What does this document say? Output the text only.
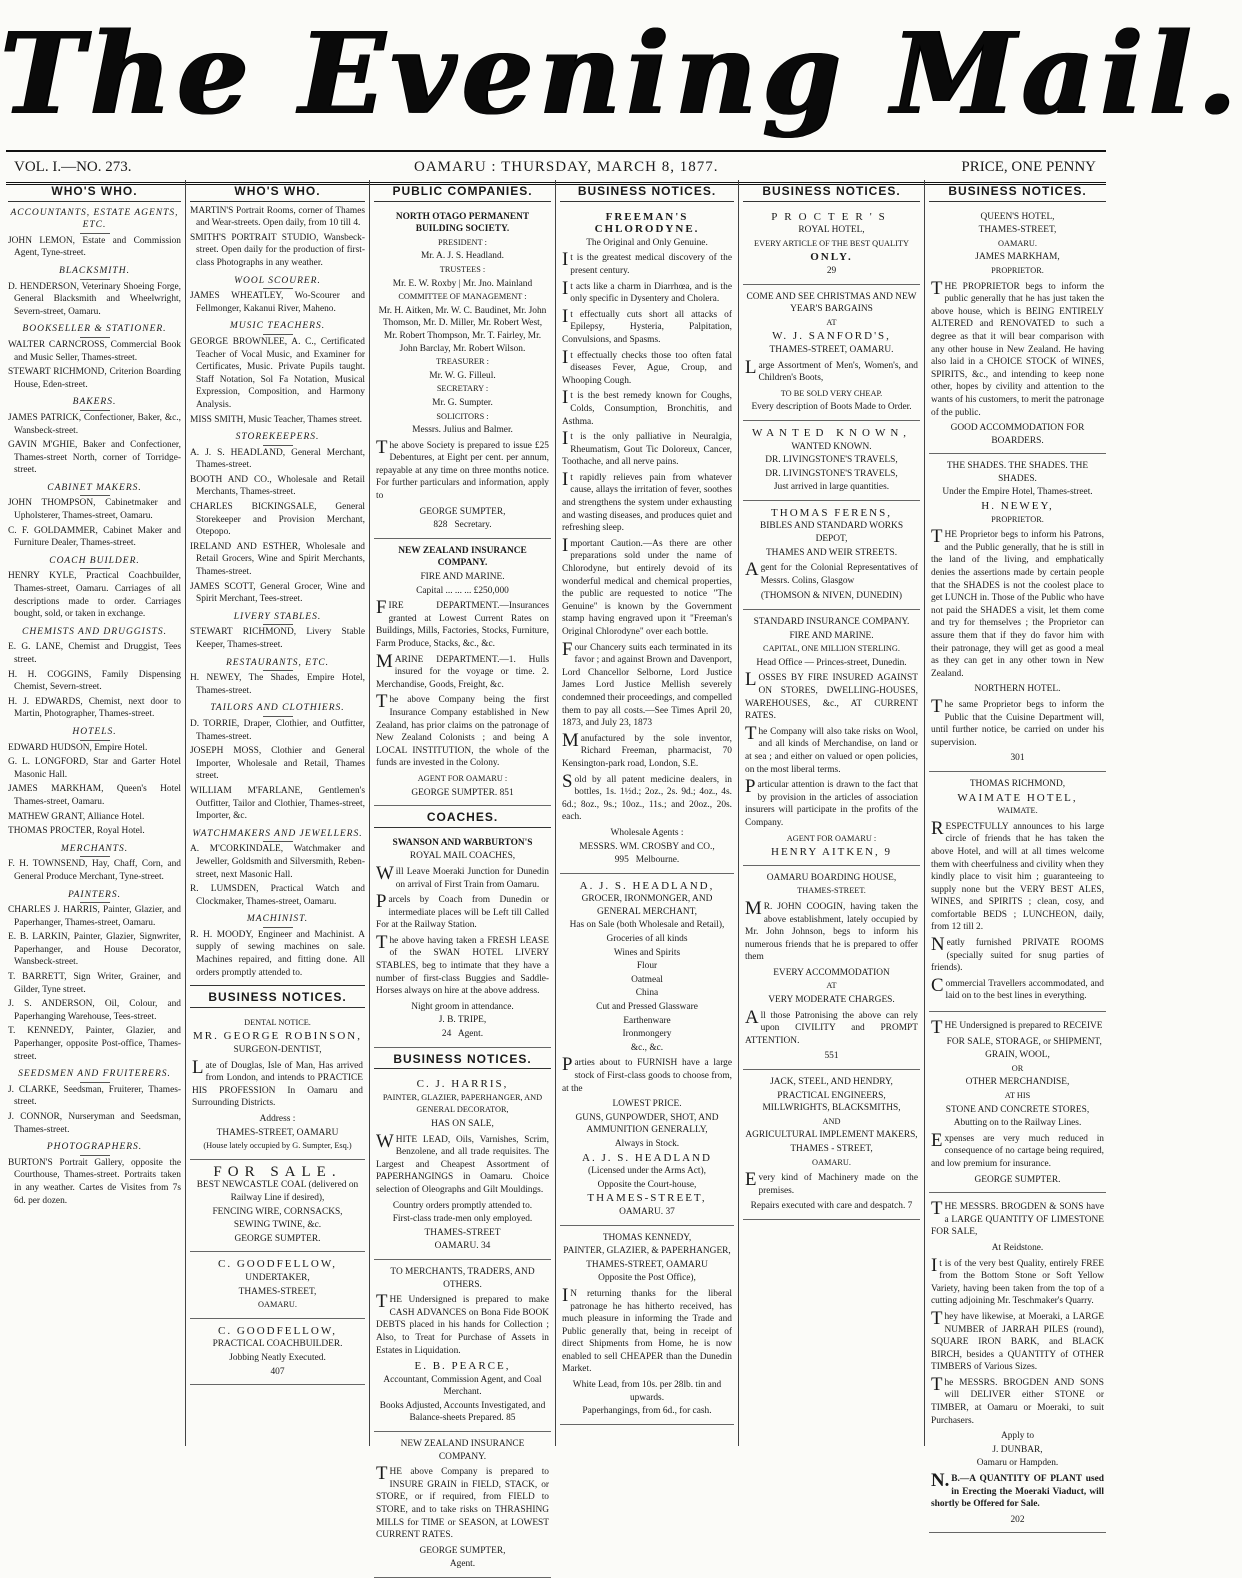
The Evening Mail.
VOL. I.—NO. 273.	OAMARU : THURSDAY, MARCH 8, 1877.	PRICE, ONE PENNY
WHO'S WHO.
ACCOUNTANTS, ESTATE AGENTS, ETC.
JOHN LEMON, Estate and Commission Agent, Tyne-street.
BLACKSMITH.
D. HENDERSON, Veterinary Shoeing Forge, General Blacksmith and Wheelwright, Severn-street, Oamaru.
BOOKSELLER & STATIONER.
WALTER CARNCROSS, Commercial Book and Music Seller, Thames-street.
STEWART RICHMOND, Criterion Boarding House, Eden-street.
BAKERS.
JAMES PATRICK, Confectioner, Baker, &c., Wansbeck-street.
GAVIN M'GHIE, Baker and Confectioner, Thames-street North, corner of Torridge-street.
CABINET MAKERS.
JOHN THOMPSON, Cabinetmaker and Upholsterer, Thames-street, Oamaru.
C. F. GOLDAMMER, Cabinet Maker and Furniture Dealer, Thames-street.
COACH BUILDER.
HENRY KYLE, Practical Coachbuilder, Thames-street, Oamaru. Carriages of all descriptions made to order. Carriages bought, sold, or taken in exchange.
CHEMISTS AND DRUGGISTS.
E. G. LANE, Chemist and Druggist, Tees street.
H. H. COGGINS, Family Dispensing Chemist, Severn-street.
H. J. EDWARDS, Chemist, next door to Martin, Photographer, Thames-street.
HOTELS.
EDWARD HUDSON, Empire Hotel.
G. L. LONGFORD, Star and Garter Hotel Masonic Hall.
JAMES MARKHAM, Queen's Hotel Thames-street, Oamaru.
MATHEW GRANT, Alliance Hotel.
THOMAS PROCTER, Royal Hotel.
MERCHANTS.
F. H. TOWNSEND, Hay, Chaff, Corn, and General Produce Merchant, Tyne-street.
PAINTERS.
CHARLES J. HARRIS, Painter, Glazier, and Paperhanger, Thames-street, Oamaru.
E. B. LARKIN, Painter, Glazier, Signwriter, Paperhanger, and House Decorator, Wansbeck-street.
T. BARRETT, Sign Writer, Grainer, and Gilder, Tyne street.
J. S. ANDERSON, Oil, Colour, and Paperhanging Warehouse, Tees-street.
T. KENNEDY, Painter, Glazier, and Paperhanger, opposite Post-office, Thames-street.
SEEDSMEN AND FRUITERERS.
J. CLARKE, Seedsman, Fruiterer, Thames-street.
J. CONNOR, Nurseryman and Seedsman, Thames-street.
PHOTOGRAPHERS.
BURTON'S Portrait Gallery, opposite the Courthouse, Thames-street. Portraits taken in any weather. Cartes de Visites from 7s 6d. per dozen.
WHO'S WHO.
MARTIN'S Portrait Rooms, corner of Thames and Wear-streets. Open daily, from 10 till 4.
SMITH'S PORTRAIT STUDIO, Wansbeck-street. Open daily for the production of first-class Photographs in any weather.
WOOL SCOURER.
JAMES WHEATLEY, Wo-Scourer and Fellmonger, Kakanui River, Maheno.
MUSIC TEACHERS.
GEORGE BROWNLEE, A. C., Certificated Teacher of Vocal Music, and Examiner for Certificates, Music. Private Pupils taught. Staff Notation, Sol Fa Notation, Musical Expression, Composition, and Harmony Analysis.
MISS SMITH, Music Teacher, Thames street.
STOREKEEPERS.
A. J. S. HEADLAND, General Merchant, Thames-street.
BOOTH AND CO., Wholesale and Retail Merchants, Thames-street.
CHARLES BICKINGSALE, General Storekeeper and Provision Merchant, Otepopo.
IRELAND AND ESTHER, Wholesale and Retail Grocers, Wine and Spirit Merchants, Thames-street.
JAMES SCOTT, General Grocer, Wine and Spirit Merchant, Tees-street.
LIVERY STABLES.
STEWART RICHMOND, Livery Stable Keeper, Thames-street.
RESTAURANTS, ETC.
H. NEWEY, The Shades, Empire Hotel, Thames-street.
TAILORS AND CLOTHIERS.
D. TORRIE, Draper, Clothier, and Outfitter, Thames-street.
JOSEPH MOSS, Clothier and General Importer, Wholesale and Retail, Thames street.
WILLIAM M'FARLANE, Gentlemen's Outfitter, Tailor and Clothier, Thames-street, Importer, &c.
WATCHMAKERS AND JEWELLERS.
A. M'CORKINDALE, Watchmaker and Jeweller, Goldsmith and Silversmith, Reben-street, next Masonic Hall.
R. LUMSDEN, Practical Watch and Clockmaker, Thames-street, Oamaru.
MACHINIST.
R. H. MOODY, Engineer and Machinist. A supply of sewing machines on sale. Machines repaired, and fitting done. All orders promptly attended to.
BUSINESS NOTICES.
DENTAL NOTICE.
MR. GEORGE ROBINSON,
SURGEON-DENTIST,
Late of Douglas, Isle of Man, Has arrived from London, and intends to PRACTICE HIS PROFESSION In Oamaru and Surrounding Districts.
Address :
THAMES-STREET, OAMARU
(House lately occupied by G. Sumpter, Esq.)
FOR SALE.
BEST NEWCASTLE COAL (delivered on Railway Line if desired),
FENCING WIRE, CORNSACKS,
SEWING TWINE, &c.
GEORGE SUMPTER.
C. GOODFELLOW,
UNDERTAKER,
THAMES-STREET,
OAMARU.
C. GOODFELLOW,
PRACTICAL COACHBUILDER.
Jobbing Neatly Executed.
407
PUBLIC COMPANIES.
NORTH OTAGO PERMANENT BUILDING SOCIETY.
PRESIDENT :
Mr. A. J. S. Headland.
TRUSTEES :
Mr. E. W. Roxby | Mr. Jno. Mainland
COMMITTEE OF MANAGEMENT :
Mr. H. Aitken, Mr. W. C. Baudinet, Mr. John Thomson, Mr. D. Miller, Mr. Robert West, Mr. Robert Thompson, Mr. T. Fairley, Mr. John Barclay, Mr. Robert Wilson.
TREASURER :
Mr. W. G. Filleul.
SECRETARY :
Mr. G. Sumpter.
SOLICITORS :
Messrs. Julius and Balmer.
The above Society is prepared to issue £25 Debentures, at Eight per cent. per annum, repayable at any time on three months notice. For further particulars and information, apply to
GEORGE SUMPTER,
828 Secretary.
NEW ZEALAND INSURANCE COMPANY.
FIRE AND MARINE.
Capital ... ... ... £250,000
FIRE DEPARTMENT.—Insurances granted at Lowest Current Rates on Buildings, Mills, Factories, Stocks, Furniture, Farm Produce, Stacks, &c., &c.
MARINE DEPARTMENT.—1. Hulls insured for the voyage or time. 2. Merchandise, Goods, Freight, &c.
The above Company being the first Insurance Company established in New Zealand, has prior claims on the patronage of New Zealand Colonists ; and being A LOCAL INSTITUTION, the whole of the funds are invested in the Colony.
AGENT FOR OAMARU :
GEORGE SUMPTER. 851
COACHES.
SWANSON AND WARBURTON'S
ROYAL MAIL COACHES,
Will Leave Moeraki Junction for Dunedin on arrival of First Train from Oamaru.
Parcels by Coach from Dunedin or intermediate places will be Left till Called For at the Railway Station.
The above having taken a FRESH LEASE of the SWAN HOTEL LIVERY STABLES, beg to intimate that they have a number of first-class Buggies and Saddle-Horses always on hire at the above address.
Night groom in attendance.
J. B. TRIPE,
24 Agent.
BUSINESS NOTICES.
C. J. HARRIS,
PAINTER, GLAZIER, PAPERHANGER, AND GENERAL DECORATOR,
HAS ON SALE,
WHITE LEAD, Oils, Varnishes, Scrim, Benzolene, and all trade requisites. The Largest and Cheapest Assortment of PAPERHANGINGS in Oamaru. Choice selection of Oleographs and Gilt Mouldings.
Country orders promptly attended to.
First-class trade-men only employed.
THAMES-STREET
OAMARU. 34
TO MERCHANTS, TRADERS, AND OTHERS.
THE Undersigned is prepared to make CASH ADVANCES on Bona Fide BOOK DEBTS placed in his hands for Collection ; Also, to Treat for Purchase of Assets in Estates in Liquidation.
E. B. PEARCE,
Accountant, Commission Agent, and Coal Merchant.
Books Adjusted, Accounts Investigated, and Balance-sheets Prepared. 85
NEW ZEALAND INSURANCE COMPANY.
THE above Company is prepared to INSURE GRAIN in FIELD, STACK, or STORE, or if required, from FIELD to STORE, and to take risks on THRASHING MILLS for TIME or SEASON, at LOWEST CURRENT RATES.
GEORGE SUMPTER,
Agent.
BUSINESS NOTICES.
FREEMAN'S CHLORODYNE.
The Original and Only Genuine.
It is the greatest medical discovery of the present century.
It acts like a charm in Diarrhœa, and is the only specific in Dysentery and Cholera.
It effectually cuts short all attacks of Epilepsy, Hysteria, Palpitation, Convulsions, and Spasms.
It effectually checks those too often fatal diseases Fever, Ague, Croup, and Whooping Cough.
It is the best remedy known for Coughs, Colds, Consumption, Bronchitis, and Asthma.
It is the only palliative in Neuralgia, Rheumatism, Gout Tic Doloreux, Cancer, Toothache, and all nerve pains.
It rapidly relieves pain from whatever cause, allays the irritation of fever, soothes and strengthens the system under exhausting and wasting diseases, and produces quiet and refreshing sleep.
Important Caution.—As there are other preparations sold under the name of Chlorodyne, but entirely devoid of its wonderful medical and chemical properties, the public are requested to notice "The Genuine" is known by the Government stamp having engraved upon it "Freeman's Original Chlorodyne" over each bottle.
Four Chancery suits each terminated in its favor ; and against Brown and Davenport, Lord Chancellor Selborne, Lord Justice James Lord Justice Mellish severely condemned their proceedings, and compelled them to pay all costs.—See Times April 20, 1873, and July 23, 1873
Manufactured by the sole inventor, Richard Freeman, pharmacist, 70 Kensington-park road, London, S.E.
Sold by all patent medicine dealers, in bottles, 1s. 1½d.; 2oz., 2s. 9d.; 4oz., 4s. 6d.; 8oz., 9s.; 10oz., 11s.; and 20oz., 20s. each.
Wholesale Agents :
MESSRS. WM. CROSBY and CO.,
995 Melbourne.
A. J. S. HEADLAND,
GROCER, IRONMONGER, AND GENERAL MERCHANT,
Has on Sale (both Wholesale and Retail),
Groceries of all kinds
Wines and Spirits
Flour
Oatmeal
China
Cut and Pressed Glassware
Earthenware
Ironmongery
&c., &c.
Parties about to FURNISH have a large stock of First-class goods to choose from, at the
LOWEST PRICE.
GUNS, GUNPOWDER, SHOT, AND AMMUNITION GENERALLY,
Always in Stock.
A. J. S. HEADLAND
(Licensed under the Arms Act),
Opposite the Court-house,
THAMES-STREET,
OAMARU. 37
THOMAS KENNEDY,
PAINTER, GLAZIER, & PAPERHANGER,
THAMES-STREET, OAMARU
Opposite the Post Office),
IN returning thanks for the liberal patronage he has hitherto received, has much pleasure in informing the Trade and Public generally that, being in receipt of direct Shipments from Home, he is now enabled to sell CHEAPER than the Dunedin Market.
White Lead, from 10s. per 28lb. tin and upwards.
Paperhangings, from 6d., for cash.
BUSINESS NOTICES.
PROCTER'S
ROYAL HOTEL,
EVERY ARTICLE OF THE BEST QUALITY
ONLY.
29
COME AND SEE CHRISTMAS AND NEW YEAR'S BARGAINS
AT
W. J. SANFORD'S,
THAMES-STREET, OAMARU.
Large Assortment of Men's, Women's, and Children's Boots,
TO BE SOLD VERY CHEAP.
Every description of Boots Made to Order.
WANTED KNOWN,
WANTED KNOWN.
DR. LIVINGSTONE'S TRAVELS,
DR. LIVINGSTONE'S TRAVELS,
Just arrived in large quantities.
THOMAS FERENS,
BIBLES AND STANDARD WORKS DEPOT,
THAMES AND WEIR STREETS.
Agent for the Colonial Representatives of Messrs. Colins, Glasgow
(THOMSON & NIVEN, DUNEDIN)
STANDARD INSURANCE COMPANY.
FIRE AND MARINE.
CAPITAL, ONE MILLION STERLING.
Head Office — Princes-street, Dunedin.
LOSSES BY FIRE INSURED AGAINST ON STORES, DWELLING-HOUSES, WAREHOUSES, &c., AT CURRENT RATES.
The Company will also take risks on Wool, and all kinds of Merchandise, on land or at sea ; and either on valued or open policies, on the most liberal terms.
Particular attention is drawn to the fact that by provision in the articles of association insurers will participate in the profits of the Company.
AGENT FOR OAMARU :
HENRY AITKEN, 9
OAMARU BOARDING HOUSE,
THAMES-STREET.
MR. JOHN COOGIN, having taken the above establishment, lately occupied by Mr. John Johnson, begs to inform his numerous friends that he is prepared to offer them
EVERY ACCOMMODATION
AT
VERY MODERATE CHARGES.
All those Patronising the above can rely upon CIVILITY and PROMPT ATTENTION.
551
JACK, STEEL, AND HENDRY,
PRACTICAL ENGINEERS, MILLWRIGHTS, BLACKSMITHS,
AND
AGRICULTURAL IMPLEMENT MAKERS,
THAMES - STREET,
OAMARU.
Every kind of Machinery made on the premises.
Repairs executed with care and despatch. 7
BUSINESS NOTICES.
QUEEN'S HOTEL,
THAMES-STREET,
OAMARU.
JAMES MARKHAM,
PROPRIETOR.
THE PROPRIETOR begs to inform the public generally that he has just taken the above house, which is BEING ENTIRELY ALTERED and RENOVATED to such a degree as that it will bear comparison with any other house in New Zealand. He having also laid in a CHOICE STOCK of WINES, SPIRITS, &c., and intending to keep none other, hopes by civility and attention to the wants of his customers, to merit the patronage of the public.
GOOD ACCOMMODATION FOR BOARDERS.
THE SHADES. THE SHADES. THE SHADES.
Under the Empire Hotel, Thames-street.
H. NEWEY,
PROPRIETOR.
THE Proprietor begs to inform his Patrons, and the Public generally, that he is still in the land of the living, and emphatically denies the assertions made by certain people that the SHADES is not the coolest place to get LUNCH in. Those of the Public who have not paid the SHADES a visit, let them come and try for themselves ; the Proprietor can assure them that if they do favor him with their patronage, they will get as good a meal as they can get in any other town in New Zealand.
NORTHERN HOTEL.
The same Proprietor begs to inform the Public that the Cuisine Department will, until further notice, be carried on under his supervision.
301
THOMAS RICHMOND,
WAIMATE HOTEL,
WAIMATE.
RESPECTFULLY announces to his large circle of friends that he has taken the above Hotel, and will at all times welcome them with cheerfulness and civility when they kindly place to visit him ; guaranteeing to supply none but the VERY BEST ALES, WINES, and SPIRITS ; clean, cosy, and comfortable BEDS ; LUNCHEON, daily, from 12 till 2.
Neatly furnished PRIVATE ROOMS (specially suited for snug parties of friends).
Commercial Travellers accommodated, and laid on to the best lines in everything.
THE Undersigned is prepared to RECEIVE
FOR SALE, STORAGE, or SHIPMENT,
GRAIN, WOOL,
OR
OTHER MERCHANDISE,
AT HIS
STONE AND CONCRETE STORES,
Abutting on to the Railway Lines.
Expenses are very much reduced in consequence of no cartage being required, and low premium for insurance.
GEORGE SUMPTER.
THE MESSRS. BROGDEN & SONS have a LARGE QUANTITY OF LIMESTONE FOR SALE,
At Reidstone.
It is of the very best Quality, entirely FREE from the Bottom Stone or Soft Yellow Variety, having been taken from the top of a cutting adjoining Mr. Teschmaker's Quarry.
They have likewise, at Moeraki, a LARGE NUMBER of JARRAH PILES (round), SQUARE IRON BARK, and BLACK BIRCH, besides a QUANTITY of OTHER TIMBERS of Various Sizes.
The MESSRS. BROGDEN AND SONS will DELIVER either STONE or TIMBER, at Oamaru or Moeraki, to suit Purchasers.
Apply to
J. DUNBAR,
Oamaru or Hampden.
N.B.—A QUANTITY OF PLANT used in Erecting the Moeraki Viaduct, will shortly be Offered for Sale.
202
